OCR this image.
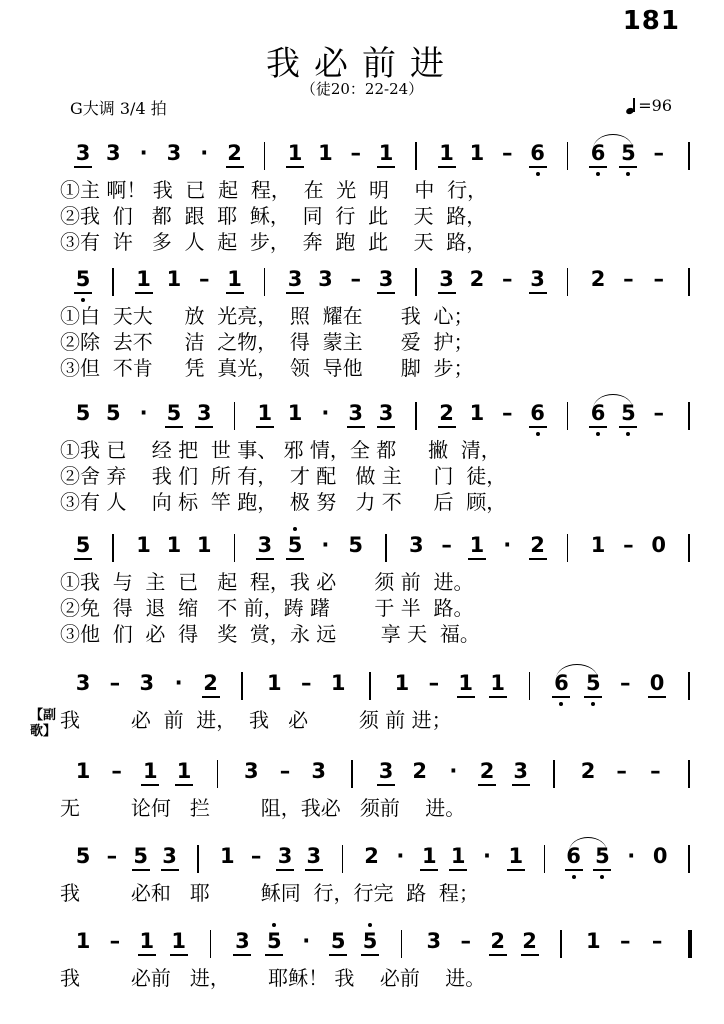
181
我必前进
（徒20：22-24）
G大调 3/4 拍	=96
【副歌】
3 3 · 3 · 2 1 1 – 1 1 1 – 6 6 5 –
①主 啊！ 我  已  起  程，  在  光  明    中  行，
②我  们   都  跟  耶  稣，  同  行  此    天  路，
③有  许   多  人  起  步，  奔  跑  此    天  路，
5 1 1 – 1 3 3 – 3 3 2 – 3 2 – –
①白  天大     放  光亮，  照  耀在      我  心；
②除  去不     洁  之物，  得  蒙主      爱  护；
③但  不肯     凭  真光，  领  导他      脚  步；
5 5 · 5 3 1 1 · 3 3 2 1 – 6 6 5 –
①我 已    经 把  世 事、 邪 情，全 都     撇  清，
②舍 弃    我 们  所 有，  才 配   做 主     门  徒，
③有 人    向 标  竿 跑，  极 努   力 不     后  顾，
5 1 1 1 3 5 · 5 3 – 1 · 2 1 – 0
①我  与  主  已   起  程，我 必      须 前  进。
②免  得  退  缩   不 前，踌 躇       于 半  路。
③他  们  必  得   奖  赏，永 远       享 天  福。
3 – 3 · 2 1 – 1 1 – 1 1 6 5 – 0
我        必  前  进，  我   必        须 前 进；
1 – 1 1	3 – 3	3 2 · 2 3	2 – –
无        论何   拦        阻，我必   须前    进。
5 – 5 3 1 – 3 3 2 · 1 1 · 1 6 5 · 0
我        必和   耶        稣同  行，行完  路  程；
1 – 1 1 3 5 · 5 5 3 – 2 2 1 – –
我        必前   进，      耶稣！ 我    必前    进。
